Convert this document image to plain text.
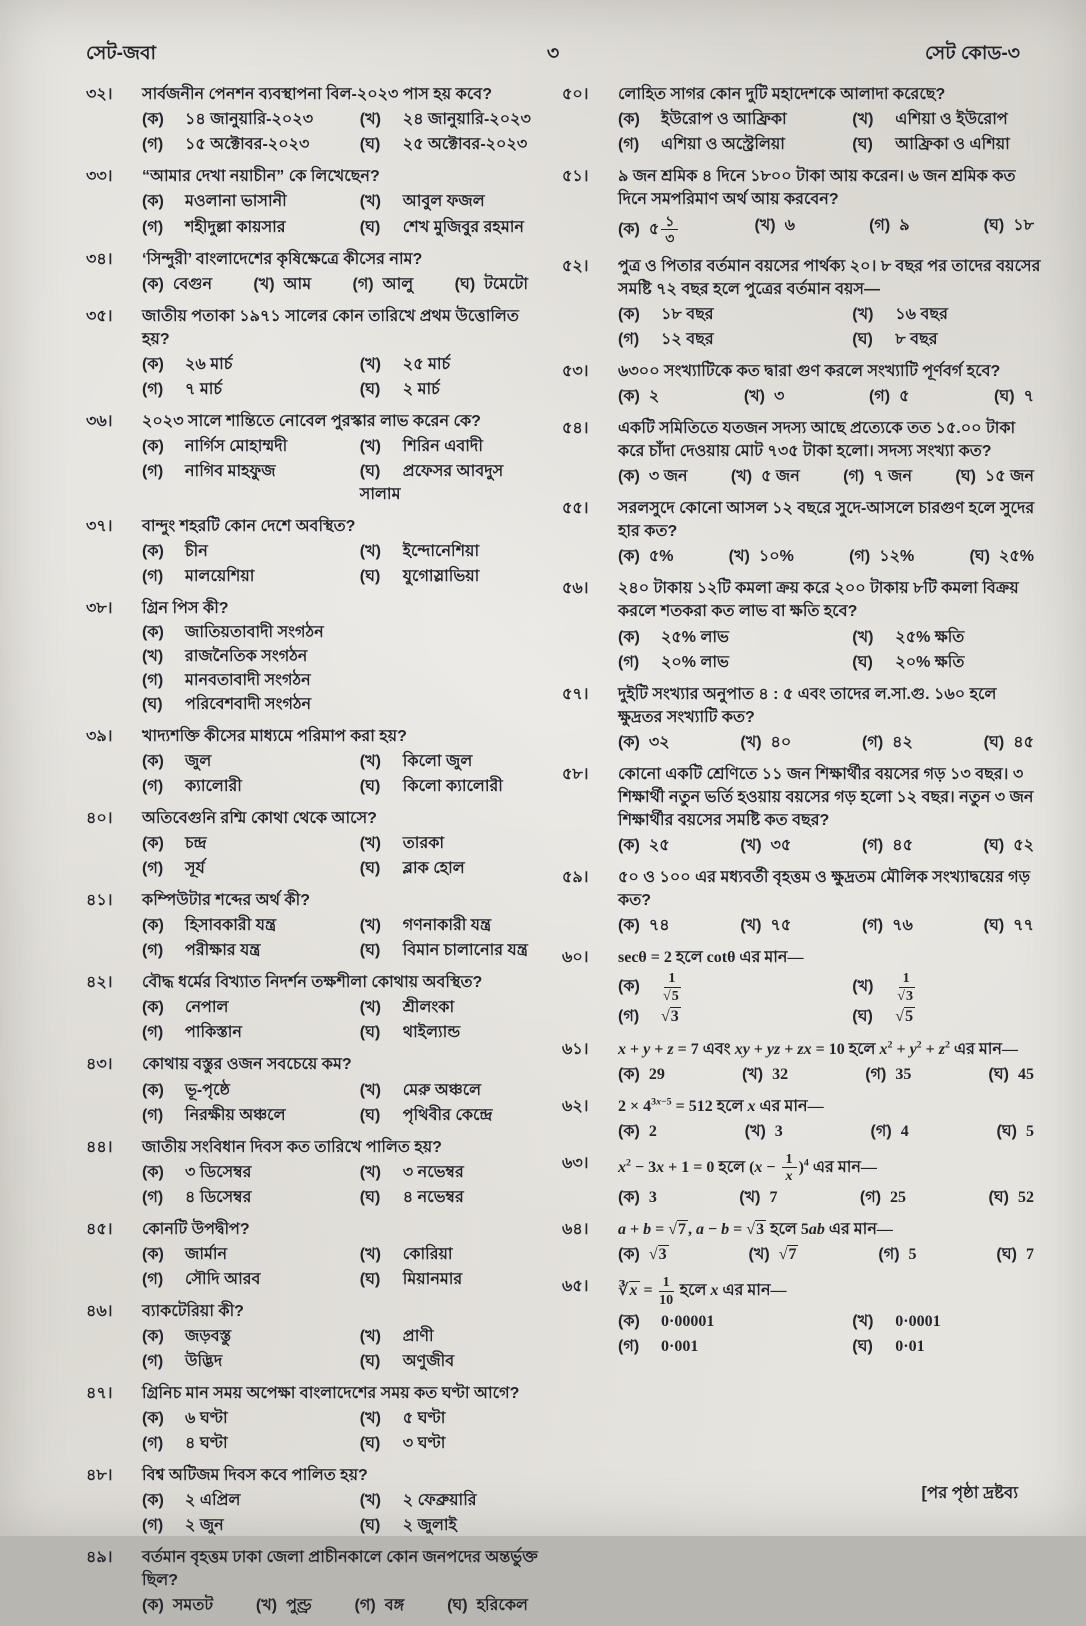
সেট-জবা	৩	সেট কোড-৩
৩২।	সার্বজনীন পেনশন ব্যবস্থাপনা বিল-২০২৩ পাস হয় কবে?
(ক) ১৪ জানুয়ারি-২০২৩	(খ) ২৪ জানুয়ারি-২০২৩
(গ) ১৫ অক্টোবর-২০২৩	(ঘ) ২৫ অক্টোবর-২০২৩
৩৩।	“আমার দেখা নয়াচীন” কে লিখেছেন?
(ক) মওলানা ভাসানী	(খ) আবুল ফজল
(গ) শহীদুল্লা কায়সার	(ঘ) শেখ মুজিবুর রহমান
৩৪।	‘সিন্দুরী’ বাংলাদেশের কৃষিক্ষেত্রে কীসের নাম?
(ক) বেগুন	(খ) আম	(গ) আলু	(ঘ) টমেটো
৩৫।	জাতীয় পতাকা ১৯৭১ সালের কোন তারিখে প্রথম উত্তোলিত হয়?
(ক) ২৬ মার্চ	(খ) ২৫ মার্চ
(গ) ৭ মার্চ	(ঘ) ২ মার্চ
৩৬।	২০২৩ সালে শান্তিতে নোবেল পুরস্কার লাভ করেন কে?
(ক) নার্গিস মোহাম্মদী	(খ) শিরিন এবাদী
(গ) নাগিব মাহফুজ	(ঘ) প্রফেসর আবদুস সালাম
৩৭।	বান্দুং শহরটি কোন দেশে অবস্থিত?
(ক) চীন	(খ) ইন্দোনেশিয়া
(গ) মালয়েশিয়া	(ঘ) যুগোস্লাভিয়া
৩৮।	গ্রিন পিস কী?
(ক) জাতিয়তাবাদী সংগঠন
(খ) রাজনৈতিক সংগঠন
(গ) মানবতাবাদী সংগঠন
(ঘ) পরিবেশবাদী সংগঠন
৩৯।	খাদ্যশক্তি কীসের মাধ্যমে পরিমাপ করা হয়?
(ক) জুল	(খ) কিলো জুল
(গ) ক্যালোরী	(ঘ) কিলো ক্যালোরী
৪০।	অতিবেগুনি রশ্মি কোথা থেকে আসে?
(ক) চন্দ্র	(খ) তারকা
(গ) সূর্য	(ঘ) ব্লাক হোল
৪১।	কম্পিউটার শব্দের অর্থ কী?
(ক) হিসাবকারী যন্ত্র	(খ) গণনাকারী যন্ত্র
(গ) পরীক্ষার যন্ত্র	(ঘ) বিমান চালানোর যন্ত্র
৪২।	বৌদ্ধ ধর্মের বিখ্যাত নিদর্শন তক্ষশীলা কোথায় অবস্থিত?
(ক) নেপাল	(খ) শ্রীলংকা
(গ) পাকিস্তান	(ঘ) থাইল্যান্ড
৪৩।	কোথায় বস্তুর ওজন সবচেয়ে কম?
(ক) ভূ-পৃষ্ঠে	(খ) মেরু অঞ্চলে
(গ) নিরক্ষীয় অঞ্চলে	(ঘ) পৃথিবীর কেন্দ্রে
৪৪।	জাতীয় সংবিধান দিবস কত তারিখে পালিত হয়?
(ক) ৩ ডিসেম্বর	(খ) ৩ নভেম্বর
(গ) ৪ ডিসেম্বর	(ঘ) ৪ নভেম্বর
৪৫।	কোনটি উপদ্বীপ?
(ক) জার্মান	(খ) কোরিয়া
(গ) সৌদি আরব	(ঘ) মিয়ানমার
৪৬।	ব্যাকটেরিয়া কী?
(ক) জড়বস্তু	(খ) প্রাণী
(গ) উদ্ভিদ	(ঘ) অণুজীব
৪৭।	গ্রিনিচ মান সময় অপেক্ষা বাংলাদেশের সময় কত ঘণ্টা আগে?
(ক) ৬ ঘণ্টা	(খ) ৫ ঘণ্টা
(গ) ৪ ঘণ্টা	(ঘ) ৩ ঘণ্টা
৪৮।	বিশ্ব অটিজম দিবস কবে পালিত হয়?
(ক) ২ এপ্রিল	(খ) ২ ফেব্রুয়ারি
(গ) ২ জুন	(ঘ) ২ জুলাই
৪৯।	বর্তমান বৃহত্তম ঢাকা জেলা প্রাচীনকালে কোন জনপদের অন্তর্ভুক্ত ছিল?
(ক) সমতট	(খ) পুণ্ড্র	(গ) বঙ্গ	(ঘ) হরিকেল
৫০।	লোহিত সাগর কোন দুটি মহাদেশকে আলাদা করেছে?
(ক) ইউরোপ ও আফ্রিকা	(খ) এশিয়া ও ইউরোপ
(গ) এশিয়া ও অস্ট্রেলিয়া	(ঘ) আফ্রিকা ও এশিয়া
৫১।	৯ জন শ্রমিক ৪ দিনে ১৮০০ টাকা আয় করেন। ৬ জন শ্রমিক কত দিনে সমপরিমাণ অর্থ আয় করবেন?
(ক) ৫
১
৩
(খ) ৬	(গ) ৯	(ঘ) ১৮
৫২।	পুত্র ও পিতার বর্তমান বয়সের পার্থক্য ২০। ৮ বছর পর তাদের বয়সের সমষ্টি ৭২ বছর হলে পুত্রের বর্তমান বয়স—
(ক) ১৮ বছর	(খ) ১৬ বছর
(গ) ১২ বছর	(ঘ) ৮ বছর
৫৩।	৬৩০০ সংখ্যাটিকে কত দ্বারা গুণ করলে সংখ্যাটি পূর্ণবর্গ হবে?
(ক) ২	(খ) ৩	(গ) ৫	(ঘ) ৭
৫৪।	একটি সমিতিতে যতজন সদস্য আছে প্রত্যেকে তত ১৫.০০ টাকা করে চাঁদা দেওয়ায় মোট ৭৩৫ টাকা হলো। সদস্য সংখ্যা কত?
(ক) ৩ জন	(খ) ৫ জন	(গ) ৭ জন	(ঘ) ১৫ জন
৫৫।	সরলসুদে কোনো আসল ১২ বছরে সুদে-আসলে চারগুণ হলে সুদের হার কত?
(ক) ৫%	(খ) ১০%	(গ) ১২%	(ঘ) ২৫%
৫৬।	২৪০ টাকায় ১২টি কমলা ক্রয় করে ২০০ টাকায় ৮টি কমলা বিক্রয় করলে শতকরা কত লাভ বা ক্ষতি হবে?
(ক) ২৫% লাভ	(খ) ২৫% ক্ষতি
(গ) ২০% লাভ	(ঘ) ২০% ক্ষতি
৫৭।	দুইটি সংখ্যার অনুপাত ৪ : ৫ এবং তাদের ল.সা.গু. ১৬০ হলে ক্ষুদ্রতর সংখ্যাটি কত?
(ক) ৩২	(খ) ৪০	(গ) ৪২	(ঘ) ৪৫
৫৮।	কোনো একটি শ্রেণিতে ১১ জন শিক্ষার্থীর বয়সের গড় ১৩ বছর। ৩ শিক্ষার্থী নতুন ভর্তি হওয়ায় বয়সের গড় হলো ১২ বছর। নতুন ৩ জন শিক্ষার্থীর বয়সের সমষ্টি কত বছর?
(ক) ২৫	(খ) ৩৫	(গ) ৪৫	(ঘ) ৫২
৫৯।	৫০ ও ১০০ এর মধ্যবর্তী বৃহত্তম ও ক্ষুদ্রতম মৌলিক সংখ্যাদ্বয়ের গড় কত?
(ক) ৭৪	(খ) ৭৫	(গ) ৭৬	(ঘ) ৭৭
৬০।	secθ = 2 হলে cotθ এর মান—
(ক) $\frac{1}{√5}$	(খ) $\frac{1}{√3}$
(গ) √3	(ঘ) √5
৬১।	x + y + z = 7 এবং xy + yz + zx = 10 হলে $x^2 + y^2 + z^2$ এর মান—
(ক) 29	(খ) 32	(গ) 35	(ঘ) 45
৬২।	$2 \times 4^{3x-5} = 512$ হলে x এর মান—
(ক) 2	(খ) 3	(গ) 4	(ঘ) 5
৬৩।	$x^2 - 3x + 1 = 0$ হলে $(x - \frac{1}{x} )^4$ এর মান—
(ক) 3	(খ) 7	(গ) 25	(ঘ) 52
৬৪।	a + b = √7 , a − b = √3 হলে 5ab এর মান—
(ক) √3	(খ) √7	(গ) 5	(ঘ) 7
৬৫।	∛x = $\frac{1}{10}$ হলে x এর মান—
(ক) 0·00001	(খ) 0·0001
(গ) 0·001	(ঘ) 0·01
[পর পৃষ্ঠা দ্রষ্টব্য
